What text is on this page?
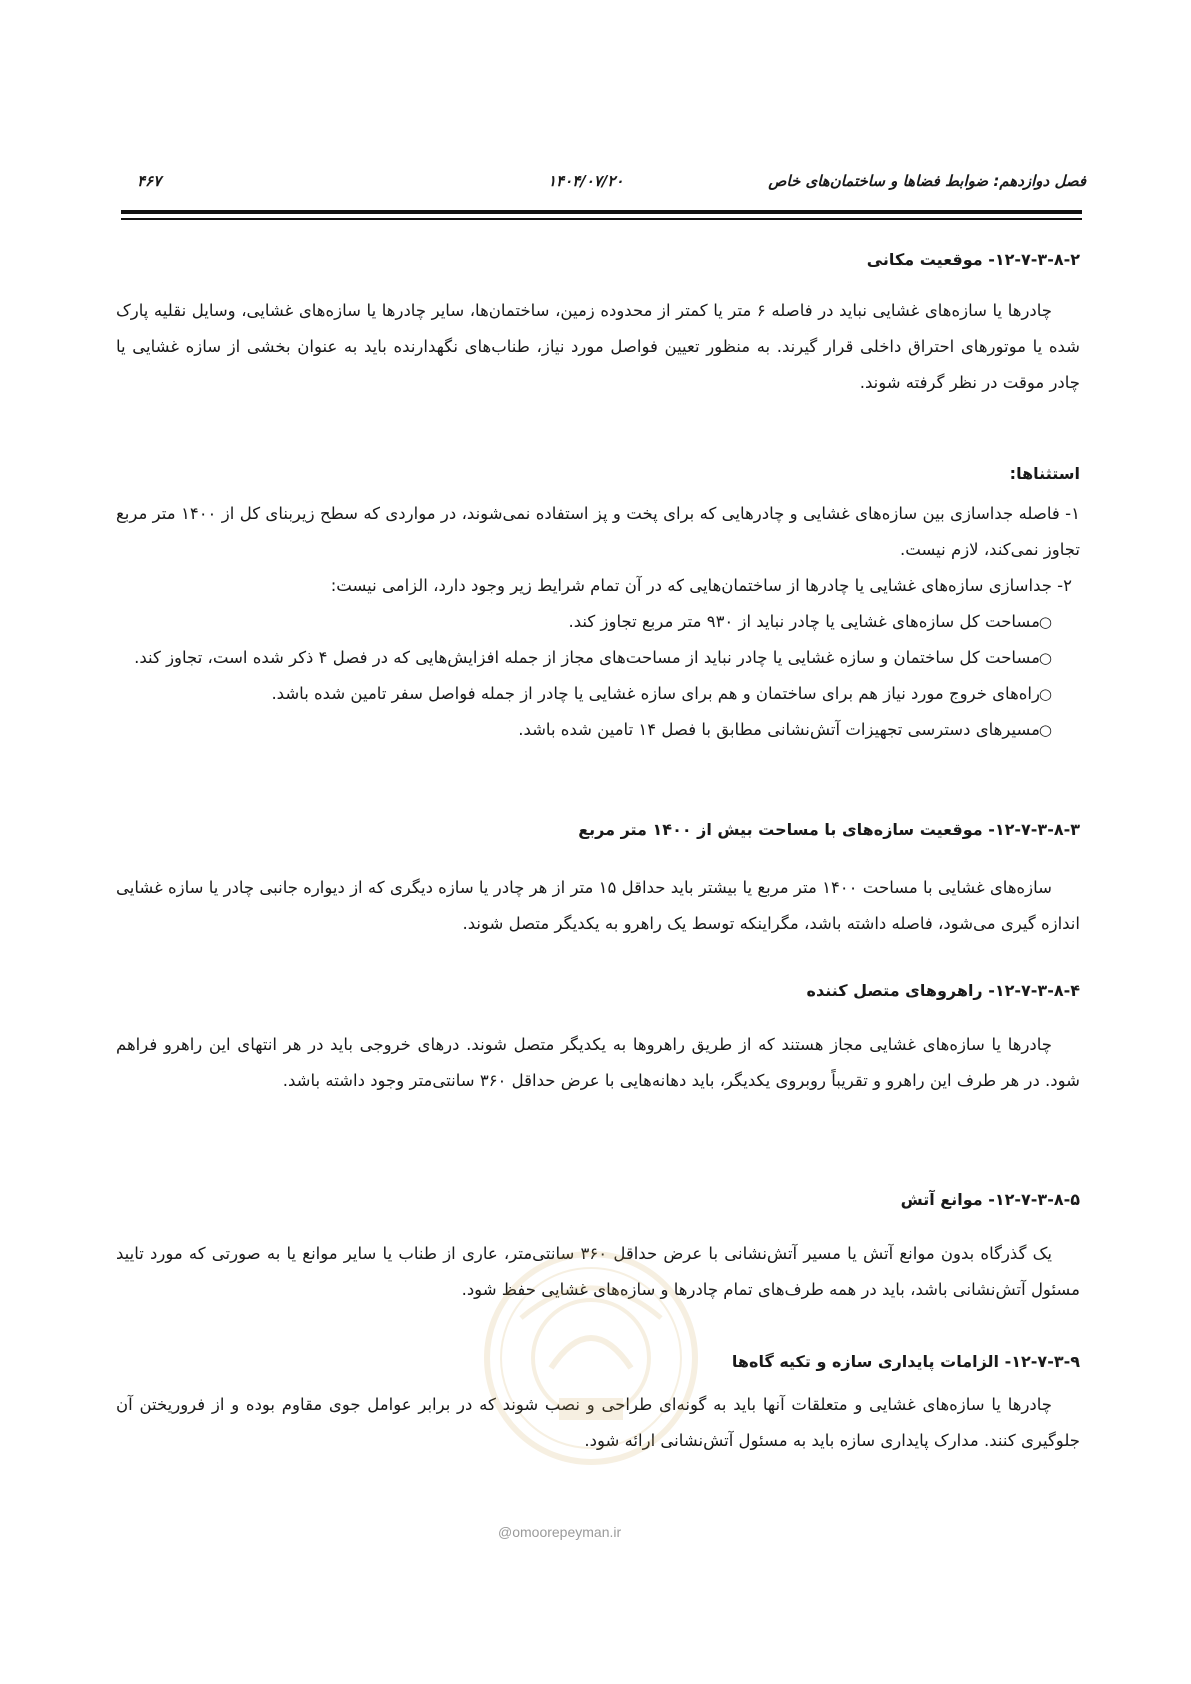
فصل دوازدهم: ضوابط فضاها و ساختمان‌های خاص
۱۴۰۴/۰۷/۲۰
۴۶۷
۱۲-۷-۳-۸-۲- موقعیت مکانی
چادرها یا سازه‌های غشایی نباید در فاصله ۶ متر یا کمتر از محدوده زمین، ساختمان‌ها، سایر چادرها یا سازه‌های غشایی، وسایل نقلیه پارک شده یا موتورهای احتراق داخلی قرار گیرند. به منظور تعیین فواصل مورد نیاز، طناب‌های نگهدارنده باید به عنوان بخشی از سازه غشایی یا چادر موقت در نظر گرفته شوند.
استثناها:
۱- فاصله جداسازی بین سازه‌های غشایی و چادرهایی که برای پخت و پز استفاده نمی‌شوند، در مواردی که سطح زیربنای کل از ۱۴۰۰ متر مربع تجاوز نمی‌کند، لازم نیست.
۲- جداسازی سازه‌های غشایی یا چادرها از ساختمان‌هایی که در آن تمام شرایط زیر وجود دارد، الزامی نیست:
○
مساحت کل سازه‌های غشایی یا چادر نباید از ۹۳۰ متر مربع تجاوز کند.
○
مساحت کل ساختمان و سازه غشایی یا چادر نباید از مساحت‌های مجاز از جمله افزایش‌هایی که در فصل ۴ ذکر شده است، تجاوز کند.
○
راه‌های خروج مورد نیاز هم برای ساختمان و هم برای سازه غشایی یا چادر از جمله فواصل سفر تامین شده باشد.
○
مسیرهای دسترسی تجهیزات آتش‌نشانی مطابق با فصل ۱۴ تامین شده باشد.
۱۲-۷-۳-۸-۳- موقعیت سازه‌های با مساحت بیش از ۱۴۰۰ متر مربع
سازه‌های غشایی با مساحت ۱۴۰۰ متر مربع یا بیشتر باید حداقل ۱۵ متر از هر چادر یا سازه دیگری که از دیواره جانبی چادر یا سازه غشایی اندازه گیری می‌شود، فاصله داشته باشد، مگراینکه توسط یک راهرو به یکدیگر متصل شوند.
۱۲-۷-۳-۸-۴- راهروهای متصل کننده
چادرها یا سازه‌های غشایی مجاز هستند که از طریق راهروها به یکدیگر متصل شوند. درهای خروجی باید در هر انتهای این راهرو فراهم شود. در هر طرف این راهرو و تقریباً روبروی یکدیگر، باید دهانه‌هایی با عرض حداقل ۳۶۰ سانتی‌متر وجود داشته باشد.
۱۲-۷-۳-۸-۵- موانع آتش
یک گذرگاه بدون موانع آتش یا مسیر آتش‌نشانی با عرض حداقل ۳۶۰ سانتی‌متر، عاری از طناب یا سایر موانع یا به صورتی که مورد تایید مسئول آتش‌نشانی باشد، باید در همه طرف‌های تمام چادرها و سازه‌های غشایی حفظ شود.
۱۲-۷-۳-۹- الزامات پایداری سازه و تکیه گاه‌ها
چادرها یا سازه‌های غشایی و متعلقات آنها باید به گونه‌ای طراحی و نصب شوند که در برابر عوامل جوی مقاوم بوده و از فروریختن آن جلوگیری کنند. مدارک پایداری سازه باید به مسئول آتش‌نشانی ارائه شود.
@omoorepeyman.ir
